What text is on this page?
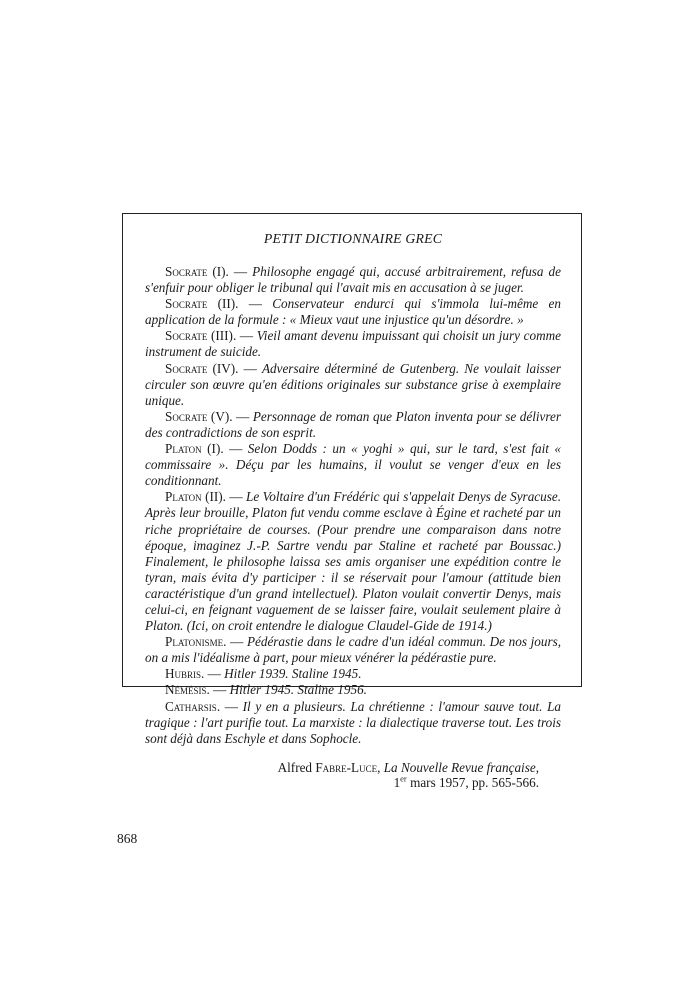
PETIT DICTIONNAIRE GREC

Socrate (I). — Philosophe engagé qui, accusé arbitrairement, refusa de s'enfuir pour obliger le tribunal qui l'avait mis en accusation à se juger.

Socrate (II). — Conservateur endurci qui s'immola lui-même en application de la formule : « Mieux vaut une injustice qu'un désordre. »

Socrate (III). — Vieil amant devenu impuissant qui choisit un jury comme instrument de suicide.

Socrate (IV). — Adversaire déterminé de Gutenberg. Ne voulait laisser circuler son œuvre qu'en éditions originales sur substance grise à exemplaire unique.

Socrate (V). — Personnage de roman que Platon inventa pour se délivrer des contradictions de son esprit.

Platon (I). — Selon Dodds : un « yoghi » qui, sur le tard, s'est fait « commissaire ». Déçu par les humains, il voulut se venger d'eux en les conditionnant.

Platon (II). — Le Voltaire d'un Frédéric qui s'appelait Denys de Syracuse. Après leur brouille, Platon fut vendu comme esclave à Égine et racheté par un riche propriétaire de courses. (Pour prendre une comparaison dans notre époque, imaginez J.-P. Sartre vendu par Staline et racheté par Boussac.) Finalement, le philosophe laissa ses amis organiser une expédition contre le tyran, mais évita d'y participer : il se réservait pour l'amour (attitude bien caractéristique d'un grand intellectuel). Platon voulait convertir Denys, mais celui-ci, en feignant vaguement de se laisser faire, voulait seulement plaire à Platon. (Ici, on croit entendre le dialogue Claudel-Gide de 1914.)

Platonisme. — Pédérastie dans le cadre d'un idéal commun. De nos jours, on a mis l'idéalisme à part, pour mieux vénérer la pédérastie pure.

Hubris. — Hitler 1939. Staline 1945.

Némésis. — Hitler 1945. Staline 1956.

Catharsis. — Il y en a plusieurs. La chrétienne : l'amour sauve tout. La tragique : l'art purifie tout. La marxiste : la dialectique traverse tout. Les trois sont déjà dans Eschyle et dans Sophocle.

Alfred Fabre-Luce, La Nouvelle Revue française,
1er mars 1957, pp. 565-566.
868
